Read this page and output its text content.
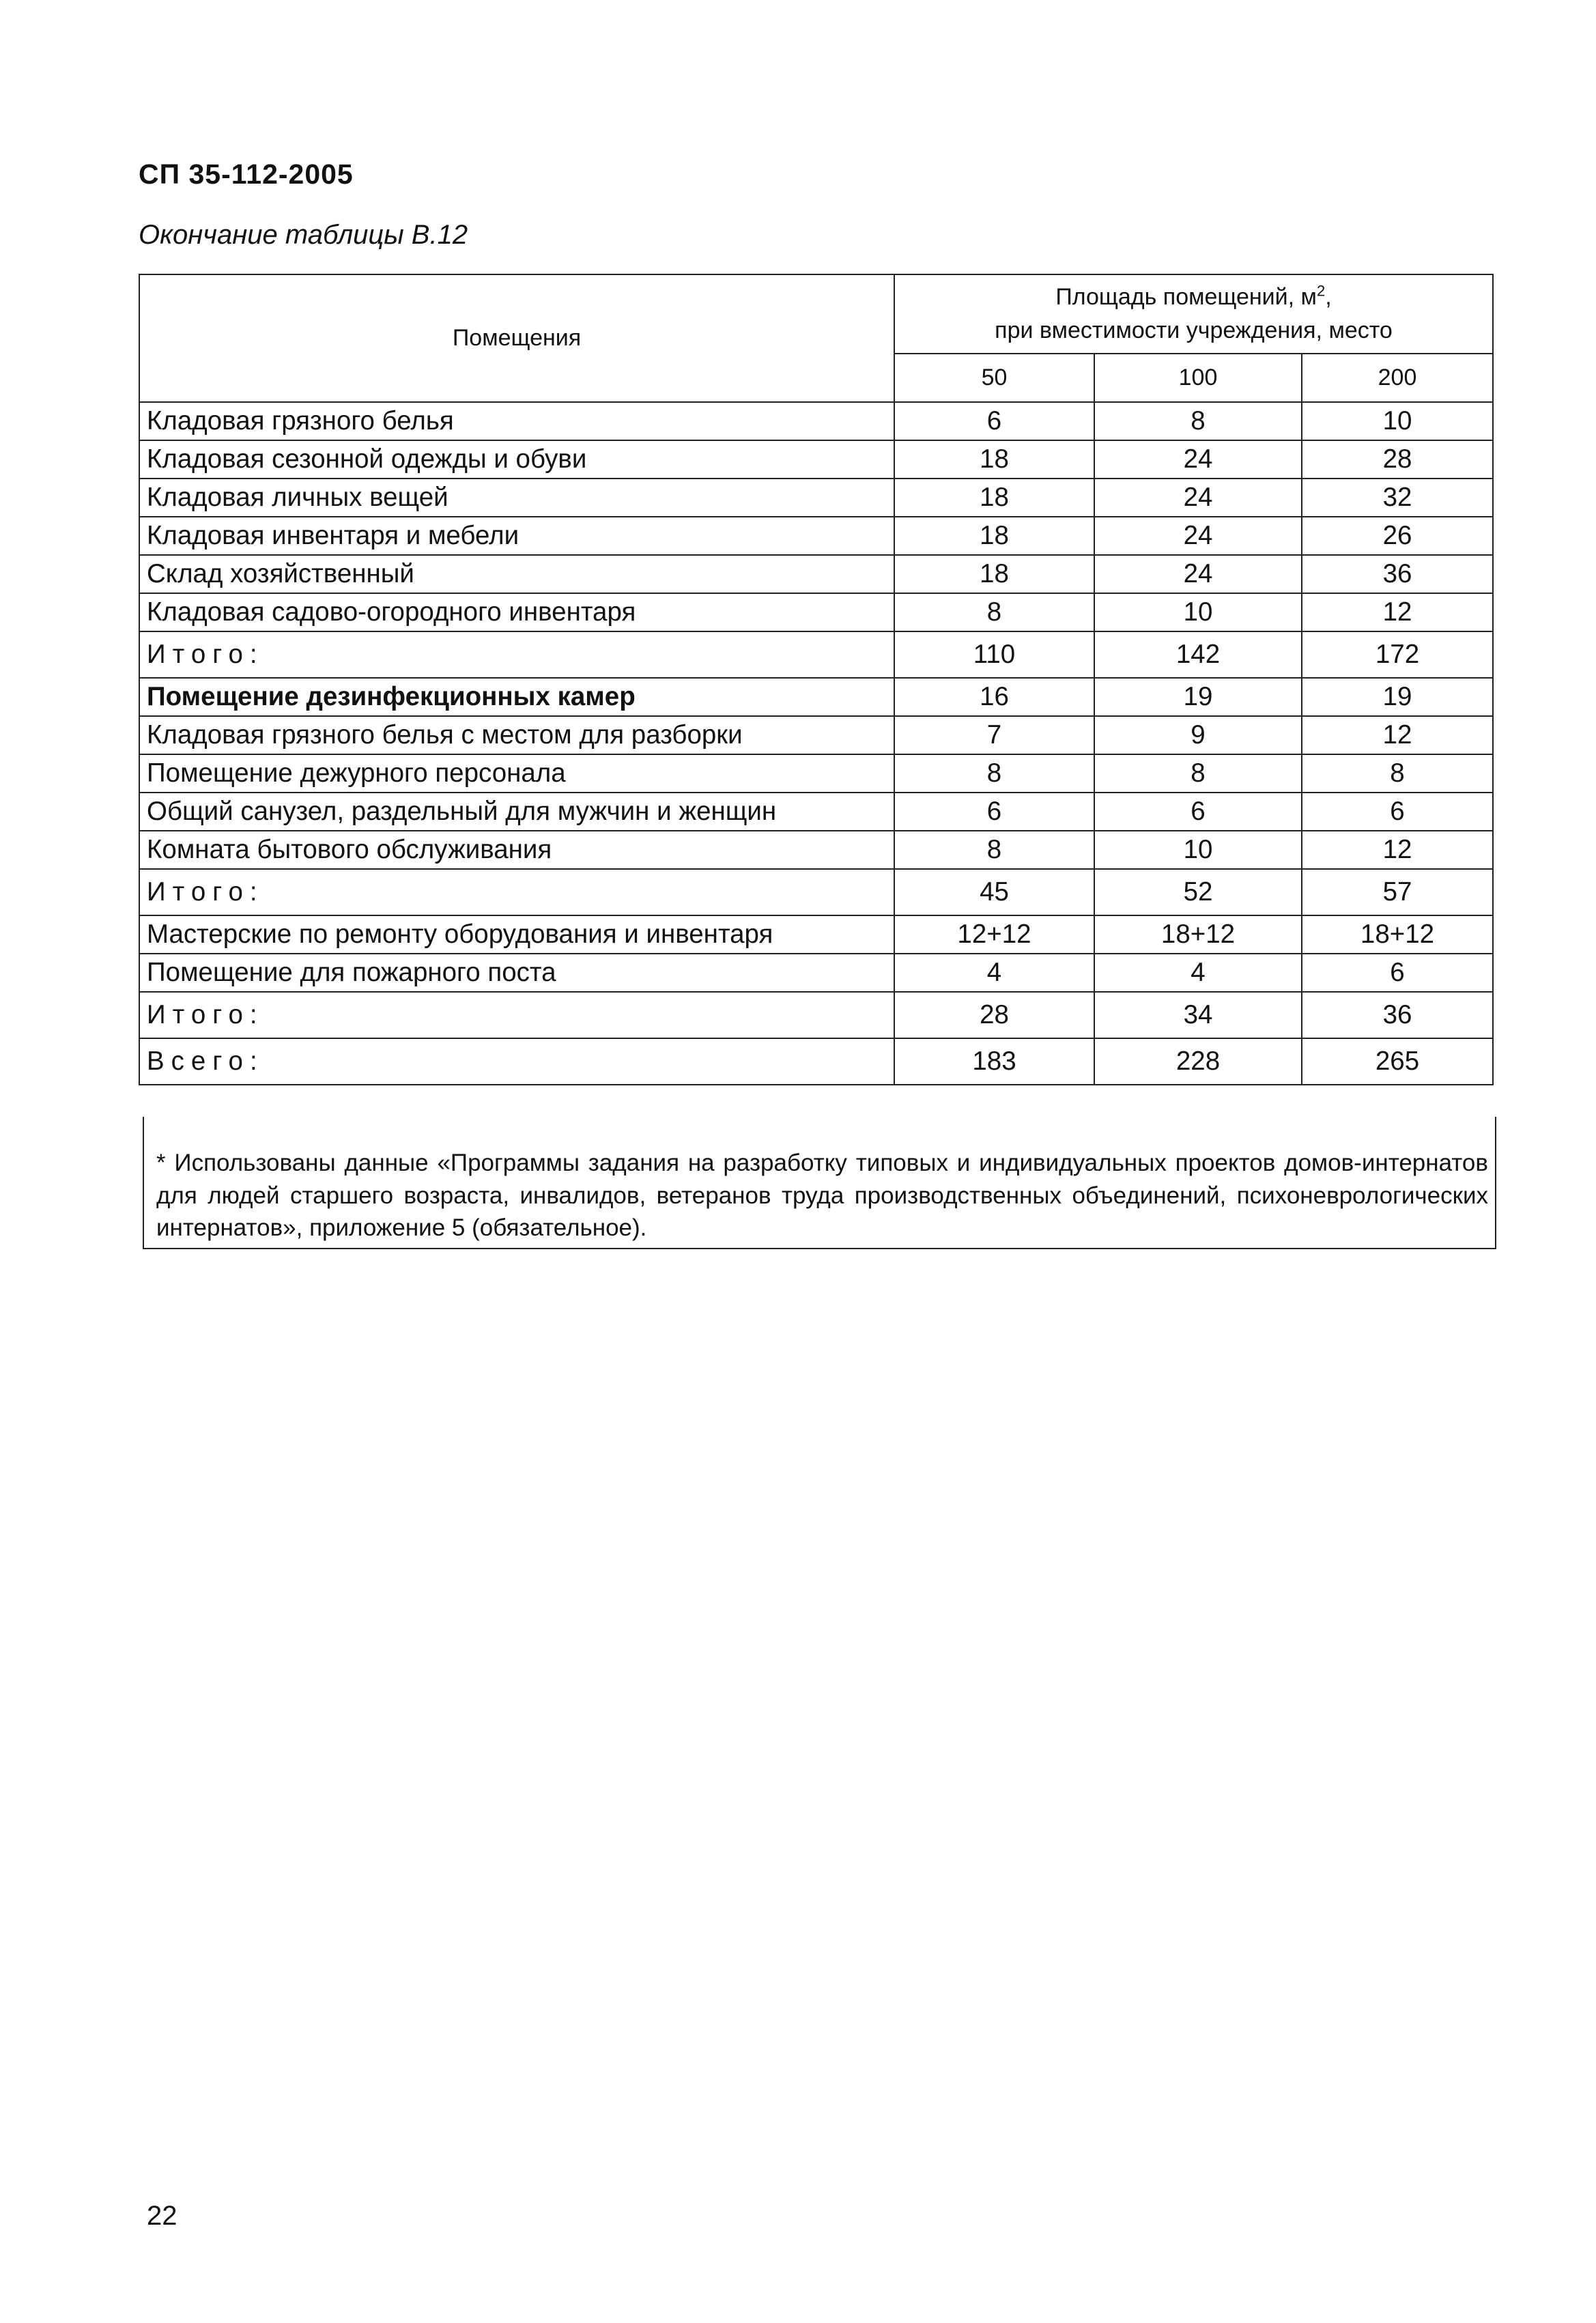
СП 35-112-2005
Окончание таблицы В.12
Помещения	Площадь помещений, $м^2$,
при вместимости учреждения, место		
	50	100	200
Кладовая грязного белья	6	8	10
Кладовая сезонной одежды и обуви	18	24	28
Кладовая личных вещей	18	24	32
Кладовая инвентаря и мебели	18	24	26
Склад хозяйственный	18	24	36
Кладовая садово-огородного инвентаря	8	10	12
Итого:	110	142	172
Помещение дезинфекционных камер	16	19	19
Кладовая грязного белья с местом для разборки	7	9	12
Помещение дежурного персонала	8	8	8
Общий санузел, раздельный для мужчин и женщин	6	6	6
Комната бытового обслуживания	8	10	12
Итого:	45	52	57
Мастерские по ремонту оборудования и инвентаря	12+12	18+12	18+12
Помещение для пожарного поста	4	4	6
Итого:	28	34	36
Всего:	183	228	265
* Использованы данные «Программы задания на разработку типовых и индивидуальных проектов домов-интернатов для людей старшего возраста, инвалидов, ветеранов труда производственных объединений, психоневрологических интернатов», приложение 5 (обязательное).
22
